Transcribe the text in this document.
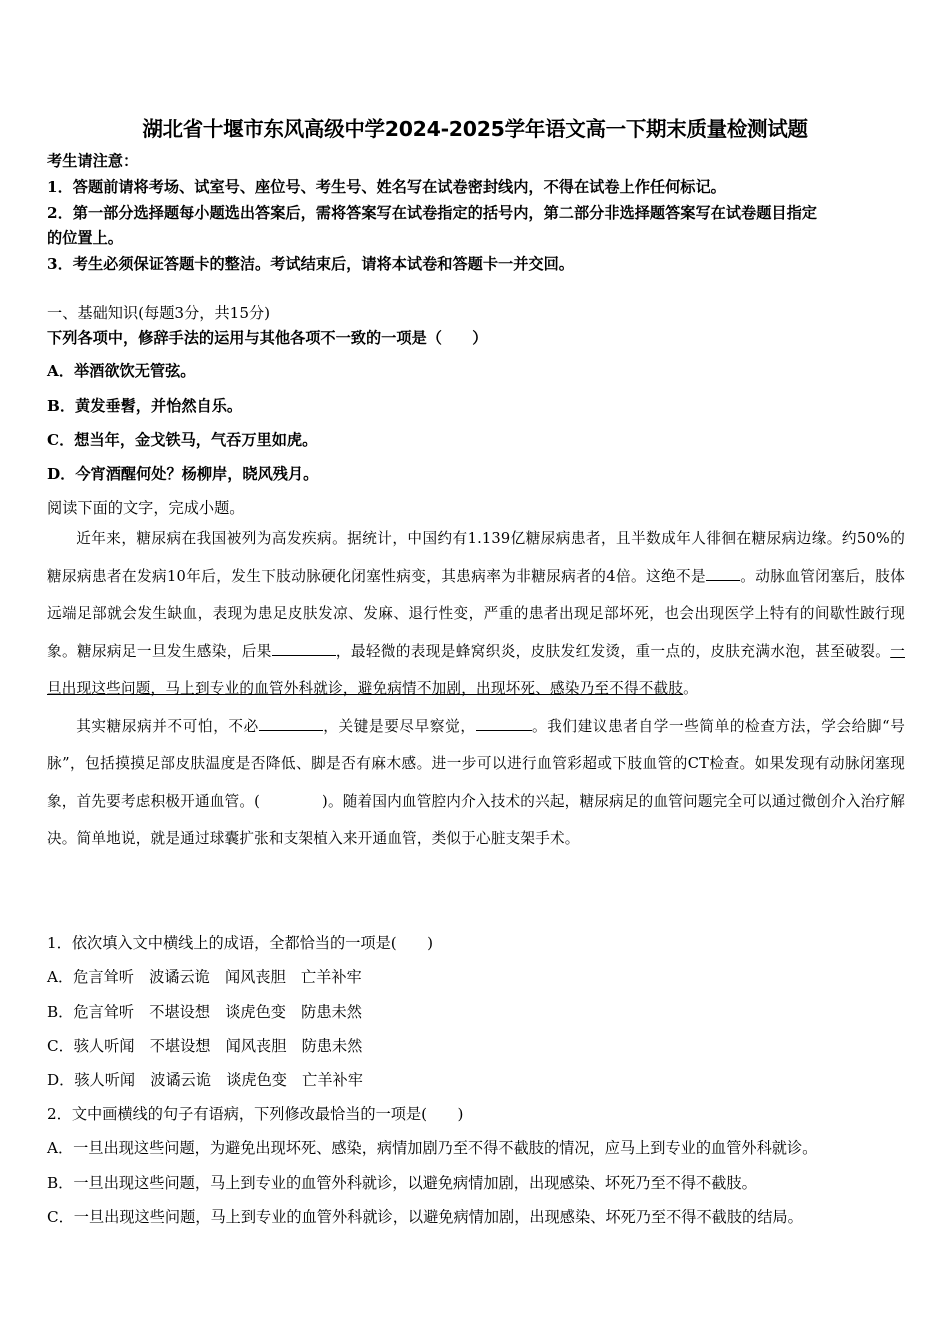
湖北省十堰市东风高级中学2024-2025学年语文高一下期末质量检测试题
考生请注意：
1．答题前请将考场、试室号、座位号、考生号、姓名写在试卷密封线内，不得在试卷上作任何标记。
2．第一部分选择题每小题选出答案后，需将答案写在试卷指定的括号内，第二部分非选择题答案写在试卷题目指定
的位置上。
3．考生必须保证答题卡的整洁。考试结束后，请将本试卷和答题卡一并交回。
一、基础知识(每题3分，共15分)
下列各项中，修辞手法的运用与其他各项不一致的一项是（　　）
A．举酒欲饮无管弦。
B．黄发垂髫，并怡然自乐。
C．想当年，金戈铁马，气吞万里如虎。
D．今宵酒醒何处？杨柳岸，晓风残月。
阅读下面的文字，完成小题。

近年来，糖尿病在我国被列为高发疾病。据统计，中国约有1.139亿糖尿病患者，且半数成年人徘徊在糖尿病边缘。约50%的糖尿病患者在发病10年后，发生下肢动脉硬化闭塞性病变，其患病率为非糖尿病者的4倍。这绝不是 。动脉血管闭塞后，肢体远端足部就会发生缺血，表现为患足皮肤发凉、发麻、退行性变，严重的患者出现足部坏死，也会出现医学上特有的间歇性跛行现象。糖尿病足一旦发生感染，后果	，最轻微的表现是蜂窝织炎，皮肤发红发烫，重一点的，皮肤充满水泡，甚至破裂。一旦出现这些问题，马上到专业的血管外科就诊，避免病情不加剧，出现坏死、感染乃至不得不截肢。

其实糖尿病并不可怕，不必	，关键是要尽早察觉，	。我们建议患者自学一些简单的检查方法，学会给脚“号脉”，包括摸摸足部皮肤温度是否降低、脚是否有麻木感。进一步可以进行血管彩超或下肢血管的CT检查。如果发现有动脉闭塞现象，首先要考虑积极开通血管。(	)。随着国内血管腔内介入技术的兴起，糖尿病足的血管问题完全可以通过微创介入治疗解决。简单地说，就是通过球囊扩张和支架植入来开通血管，类似于心脏支架手术。

1．依次填入文中横线上的成语，全都恰当的一项是(　　)
A．危言耸听　波谲云诡　闻风丧胆　亡羊补牢
B．危言耸听　不堪设想　谈虎色变　防患未然
C．骇人听闻　不堪设想　闻风丧胆　防患未然
D．骇人听闻　波谲云诡　谈虎色变　亡羊补牢
2．文中画横线的句子有语病，下列修改最恰当的一项是(　　)
A．一旦出现这些问题，为避免出现坏死、感染，病情加剧乃至不得不截肢的情况，应马上到专业的血管外科就诊。
B．一旦出现这些问题，马上到专业的血管外科就诊，以避免病情加剧，出现感染、坏死乃至不得不截肢。
C．一旦出现这些问题，马上到专业的血管外科就诊，以避免病情加剧，出现感染、坏死乃至不得不截肢的结局。
